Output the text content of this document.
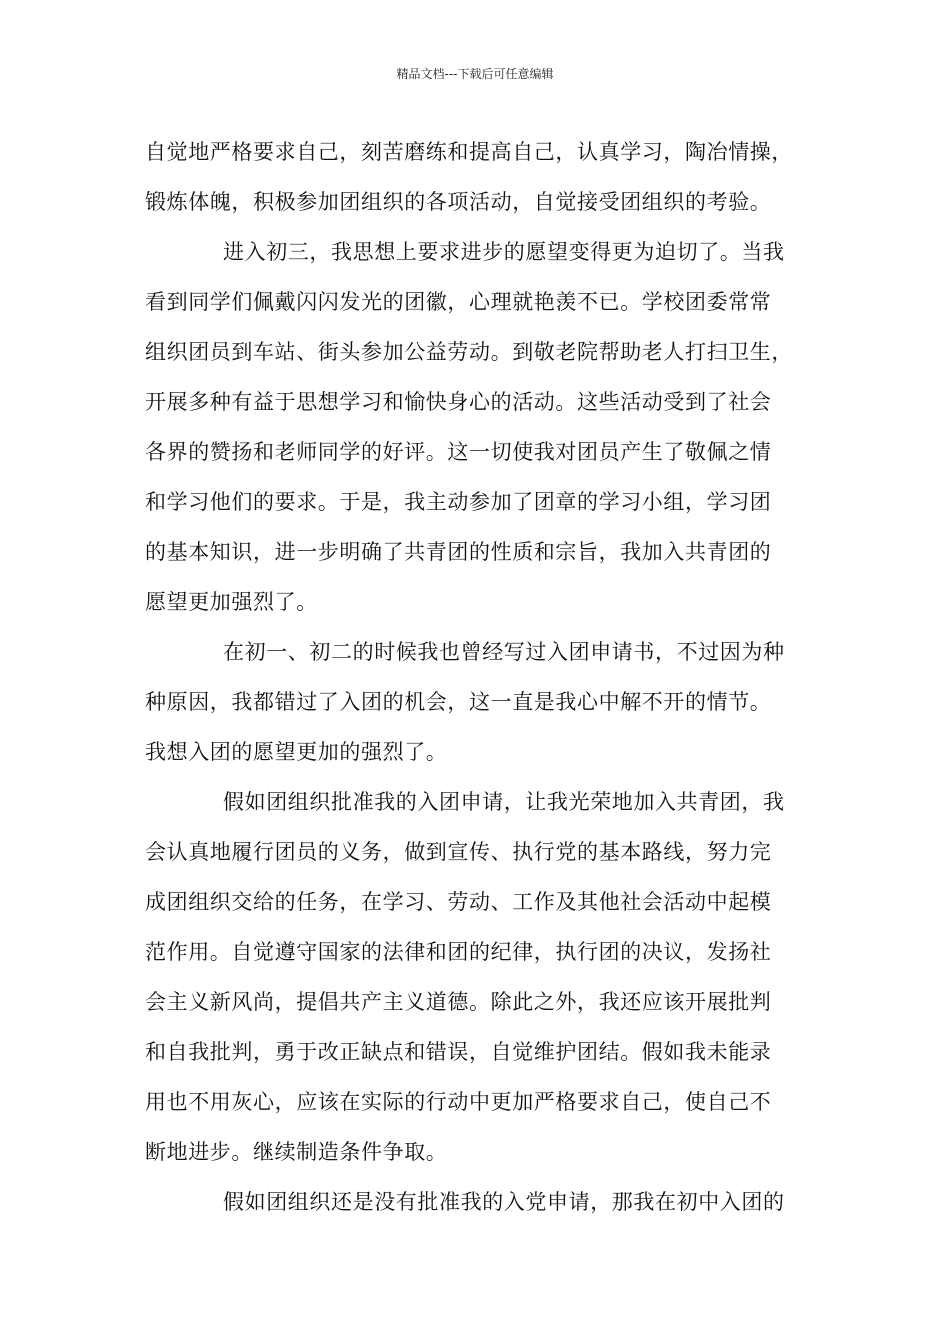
精品文档---下载后可任意编辑
自觉地严格要求自己，刻苦磨练和提高自己，认真学习，陶冶情操，
锻炼体魄，积极参加团组织的各项活动，自觉接受团组织的考验。
进入初三，我思想上要求进步的愿望变得更为迫切了。当我
看到同学们佩戴闪闪发光的团徽，心理就艳羡不已。学校团委常常
组织团员到车站、街头参加公益劳动。到敬老院帮助老人打扫卫生，
开展多种有益于思想学习和愉快身心的活动。这些活动受到了社会
各界的赞扬和老师同学的好评。这一切使我对团员产生了敬佩之情
和学习他们的要求。于是，我主动参加了团章的学习小组，学习团
的基本知识，进一步明确了共青团的性质和宗旨，我加入共青团的
愿望更加强烈了。
在初一、初二的时候我也曾经写过入团申请书，不过因为种
种原因，我都错过了入团的机会，这一直是我心中解不开的情节。
我想入团的愿望更加的强烈了。
假如团组织批准我的入团申请，让我光荣地加入共青团，我
会认真地履行团员的义务，做到宣传、执行党的基本路线，努力完
成团组织交给的任务，在学习、劳动、工作及其他社会活动中起模
范作用。自觉遵守国家的法律和团的纪律，执行团的决议，发扬社
会主义新风尚，提倡共产主义道德。除此之外，我还应该开展批判
和自我批判，勇于改正缺点和错误，自觉维护团结。假如我未能录
用也不用灰心，应该在实际的行动中更加严格要求自己，使自己不
断地进步。继续制造条件争取。
假如团组织还是没有批准我的入党申请，那我在初中入团的
